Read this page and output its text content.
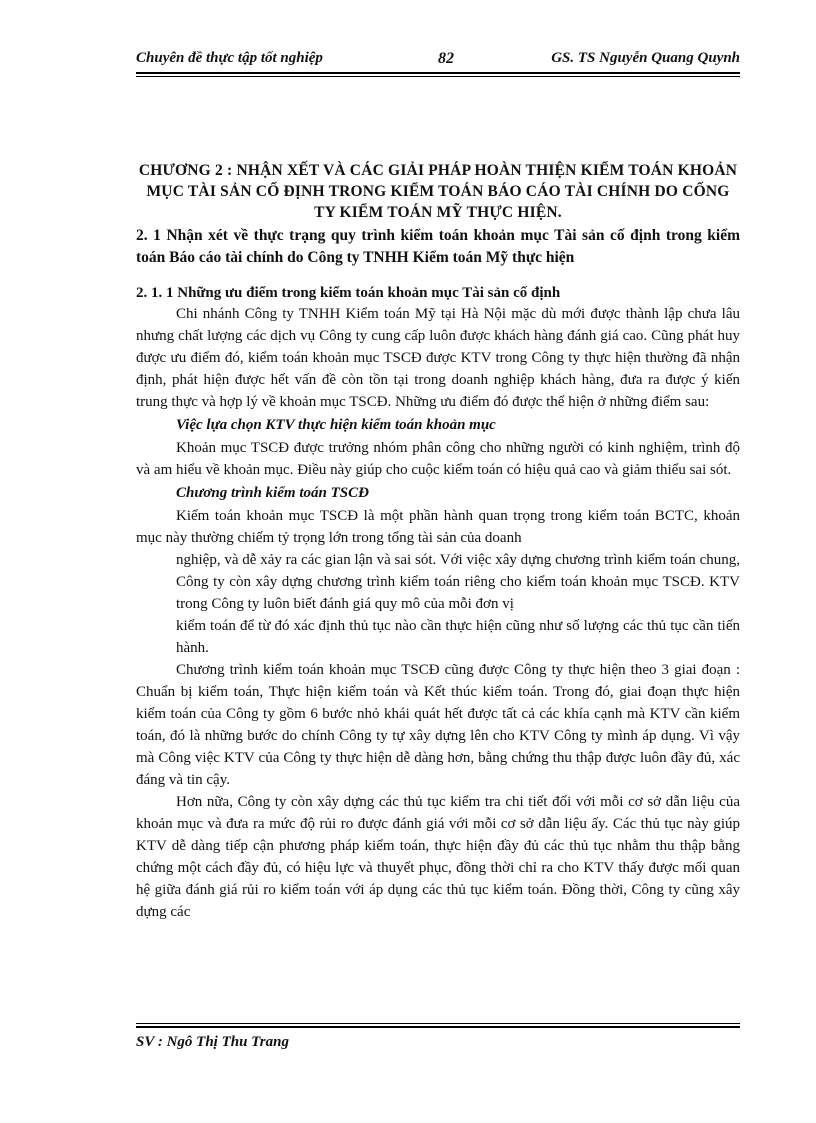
Chuyên đề thực tập tốt nghiệp	82	GS. TS Nguyễn Quang Quynh

CHƯƠNG 2 : NHẬN XẾT VÀ CÁC GIẢI PHÁP HOÀN THIỆN KIỂM TOÁN KHOẢN MỤC TÀI SẢN CỐ ĐỊNH TRONG KIỂM TOÁN BÁO CÁO TÀI CHÍNH DO CỐNG TY KIỂM TOÁN MỸ THỰC HIỆN.

2. 1 Nhận xét về thực trạng quy trình kiểm toán khoản mục Tài sản cố định trong kiểm toán Báo cáo tài chính do Công ty TNHH Kiểm toán Mỹ thực hiện

2. 1. 1 Những ưu điểm trong kiểm toán khoản mục Tài sản cố định

Chi nhánh Công ty TNHH Kiểm toán Mỹ tại Hà Nội mặc dù mới được thành lập chưa lâu nhưng chất lượng các dịch vụ Công ty cung cấp luôn được khách hàng đánh giá cao. Cũng phát huy được ưu điểm đó, kiểm toán khoản mục TSCĐ được KTV trong Công ty thực hiện thường đã nhận định, phát hiện được hết vấn đề còn tồn tại trong doanh nghiệp khách hàng, đưa ra được ý kiến trung thực và hợp lý về khoản mục TSCĐ. Những ưu điểm đó được thể hiện ở những điểm sau:

Việc lựa chọn KTV thực hiện kiểm toán khoản mục

Khoản mục TSCĐ được trưởng nhóm phân công cho những người có kinh nghiệm, trình độ và am hiểu về khoản mục. Điều này giúp cho cuộc kiểm toán có hiệu quả cao và giảm thiểu sai sót.

Chương trình kiểm toán TSCĐ

Kiểm toán khoản mục TSCĐ là một phần hành quan trọng trong kiểm toán BCTC, khoản mục này thường chiếm tỷ trọng lớn trong tổng tài sản của doanh

nghiệp, và dễ xảy ra các gian lận và sai sót. Với việc xây dựng chương trình kiểm toán chung, Công ty còn xây dựng chương trình kiểm toán riêng cho kiểm toán khoản mục TSCĐ. KTV trong Công ty luôn biết đánh giá quy mô của mỗi đơn vị

kiểm toán để từ đó xác định thủ tục nào cần thực hiện cũng như số lượng các thủ tục cần tiến hành.

Chương trình kiểm toán khoản mục TSCĐ cũng được Công ty thực hiện theo 3 giai đoạn : Chuẩn bị kiểm toán, Thực hiện kiểm toán và Kết thúc kiểm toán. Trong đó, giai đoạn thực hiện kiểm toán của Công ty gồm 6 bước nhỏ khái quát hết được tất cả các khía cạnh mà KTV cần kiểm toán, đó là những bước do chính Công ty tự xây dựng lên cho KTV Công ty mình áp dụng. Vì vậy mà Công việc KTV của Công ty thực hiện dễ dàng hơn, bằng chứng thu thập được luôn đầy đủ, xác đáng và tin cậy.

Hơn nữa, Công ty còn xây dựng các thủ tục kiểm tra chi tiết đối với mỗi cơ sở dẫn liệu của khoản mục và đưa ra mức độ rủi ro được đánh giá với mỗi cơ sở dẫn liệu ấy. Các thủ tục này giúp KTV dễ dàng tiếp cận phương pháp kiểm toán, thực hiện đầy đủ các thủ tục nhằm thu thập bằng chứng một cách đầy đủ, có hiệu lực và thuyết phục, đồng thời chỉ ra cho KTV thấy được mối quan hệ giữa đánh giá rủi ro kiểm toán với áp dụng các thủ tục kiểm toán. Đồng thời, Công ty cũng xây dựng các

SV : Ngô Thị Thu Trang
